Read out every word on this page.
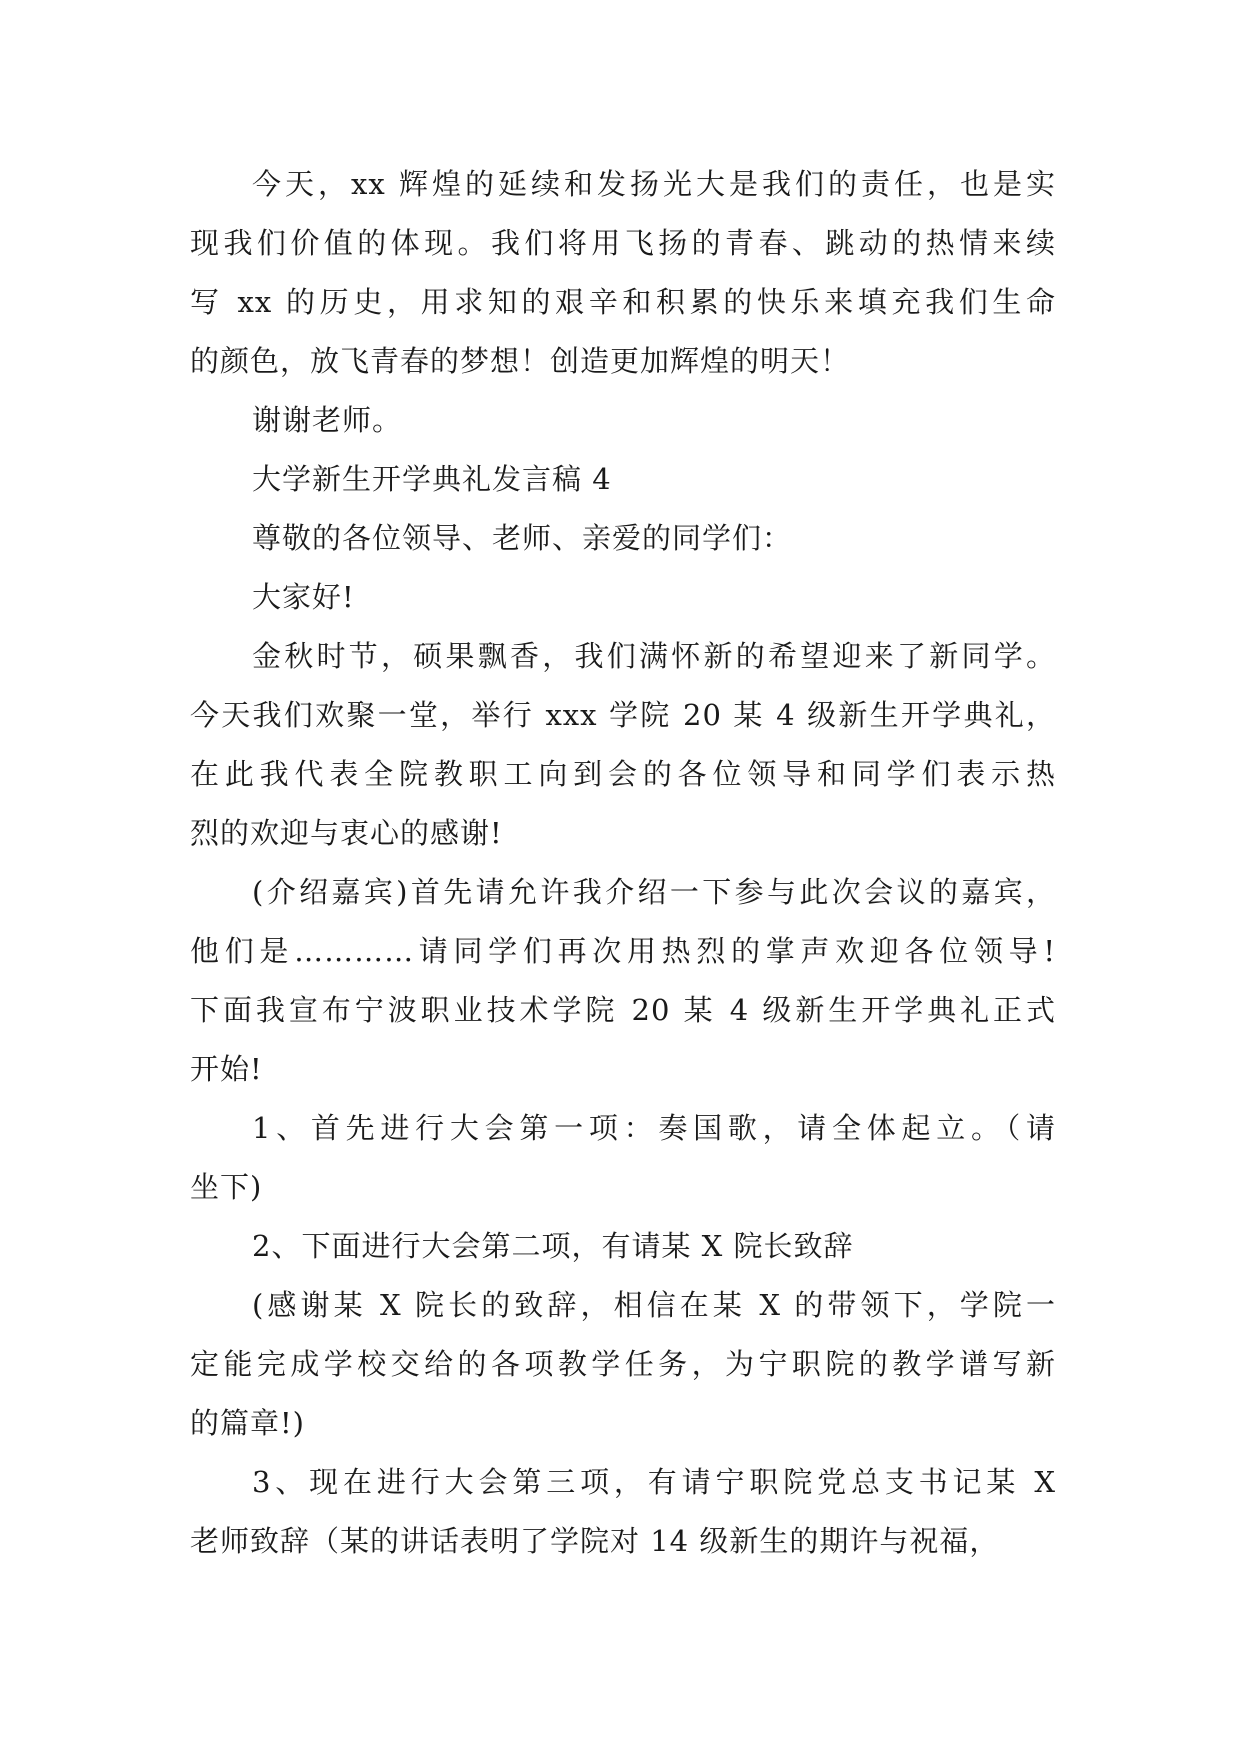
今天，xx 辉煌的延续和发扬光大是我们的责任，也是实
现我们价值的体现。我们将用飞扬的青春、跳动的热情来续
写 xx 的历史，用求知的艰辛和积累的快乐来填充我们生命
的颜色，放飞青春的梦想！创造更加辉煌的明天！
谢谢老师。
大学新生开学典礼发言稿 4
尊敬的各位领导、老师、亲爱的同学们：
大家好!
金秋时节，硕果飘香，我们满怀新的希望迎来了新同学。
今天我们欢聚一堂，举行 xxx 学院 20 某 4 级新生开学典礼，
在此我代表全院教职工向到会的各位领导和同学们表示热
烈的欢迎与衷心的感谢!
(介绍嘉宾)首先请允许我介绍一下参与此次会议的嘉宾，
他们是…………请同学们再次用热烈的掌声欢迎各位领导!
下面我宣布宁波职业技术学院 20 某 4 级新生开学典礼正式
开始!
1、首先进行大会第一项：奏国歌，请全体起立。（请
坐下)
2、下面进行大会第二项，有请某 X 院长致辞
(感谢某 X 院长的致辞，相信在某 X 的带领下，学院一
定能完成学校交给的各项教学任务，为宁职院的教学谱写新
的篇章!)
3、现在进行大会第三项，有请宁职院党总支书记某 X
老师致辞（某的讲话表明了学院对 14 级新生的期许与祝福，
